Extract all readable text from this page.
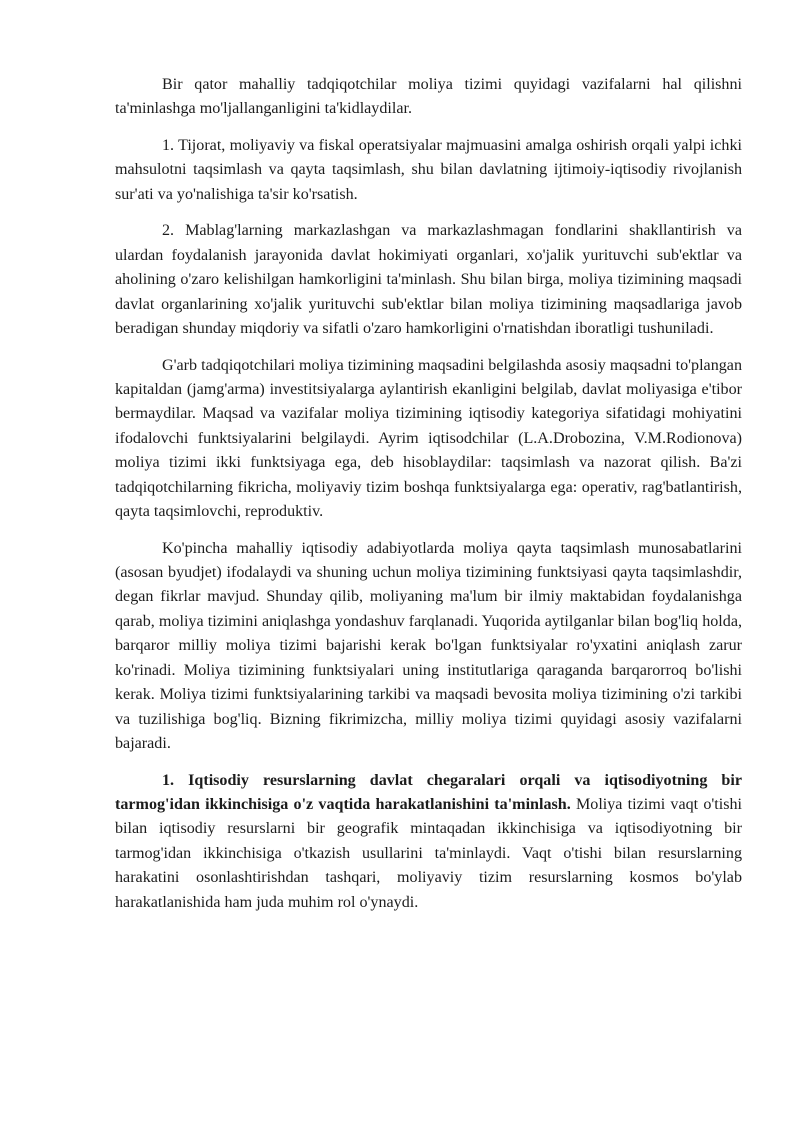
Bir qator mahalliy tadqiqotchilar moliya tizimi quyidagi vazifalarni hal qilishni ta'minlashga mo'ljallanganligini ta'kidlaydilar.

1. Tijorat, moliyaviy va fiskal operatsiyalar majmuasini amalga oshirish orqali yalpi ichki mahsulotni taqsimlash va qayta taqsimlash, shu bilan davlatning ijtimoiy-iqtisodiy rivojlanish sur'ati va yo'nalishiga ta'sir ko'rsatish.

2. Mablag'larning markazlashgan va markazlashmagan fondlarini shakllantirish va ulardan foydalanish jarayonida davlat hokimiyati organlari, xo'jalik yurituvchi sub'ektlar va aholining o'zaro kelishilgan hamkorligini ta'minlash. Shu bilan birga, moliya tizimining maqsadi davlat organlarining xo'jalik yurituvchi sub'ektlar bilan moliya tizimining maqsadlariga javob beradigan shunday miqdoriy va sifatli o'zaro hamkorligini o'rnatishdan iboratligi tushuniladi.

G'arb tadqiqotchilari moliya tizimining maqsadini belgilashda asosiy maqsadni to'plangan kapitaldan (jamg'arma) investitsiyalarga aylantirish ekanligini belgilab, davlat moliyasiga e'tibor bermaydilar. Maqsad va vazifalar moliya tizimining iqtisodiy kategoriya sifatidagi mohiyatini ifodalovchi funktsiyalarini belgilaydi. Ayrim iqtisodchilar (L.A.Drobozina, V.M.Rodionova) moliya tizimi ikki funktsiyaga ega, deb hisoblaydilar: taqsimlash va nazorat qilish. Ba'zi tadqiqotchilarning fikricha, moliyaviy tizim boshqa funktsiyalarga ega: operativ, rag'batlantirish, qayta taqsimlovchi, reproduktiv.

Ko'pincha mahalliy iqtisodiy adabiyotlarda moliya qayta taqsimlash munosabatlarini (asosan byudjet) ifodalaydi va shuning uchun moliya tizimining funktsiyasi qayta taqsimlashdir, degan fikrlar mavjud. Shunday qilib, moliyaning ma'lum bir ilmiy maktabidan foydalanishga qarab, moliya tizimini aniqlashga yondashuv farqlanadi. Yuqorida aytilganlar bilan bog'liq holda, barqaror milliy moliya tizimi bajarishi kerak bo'lgan funktsiyalar ro'yxatini aniqlash zarur ko'rinadi. Moliya tizimining funktsiyalari uning institutlariga qaraganda barqarorroq bo'lishi kerak. Moliya tizimi funktsiyalarining tarkibi va maqsadi bevosita moliya tizimining o'zi tarkibi va tuzilishiga bog'liq. Bizning fikrimizcha, milliy moliya tizimi quyidagi asosiy vazifalarni bajaradi.

1. Iqtisodiy resurslarning davlat chegaralari orqali va iqtisodiyotning bir tarmog'idan ikkinchisiga o'z vaqtida harakatlanishini ta'minlash. Moliya tizimi vaqt o'tishi bilan iqtisodiy resurslarni bir geografik mintaqadan ikkinchisiga va iqtisodiyotning bir tarmog'idan ikkinchisiga o'tkazish usullarini ta'minlaydi. Vaqt o'tishi bilan resurslarning harakatini osonlashtirishdan tashqari, moliyaviy tizim resurslarning kosmos bo'ylab harakatlanishida ham juda muhim rol o'ynaydi.
